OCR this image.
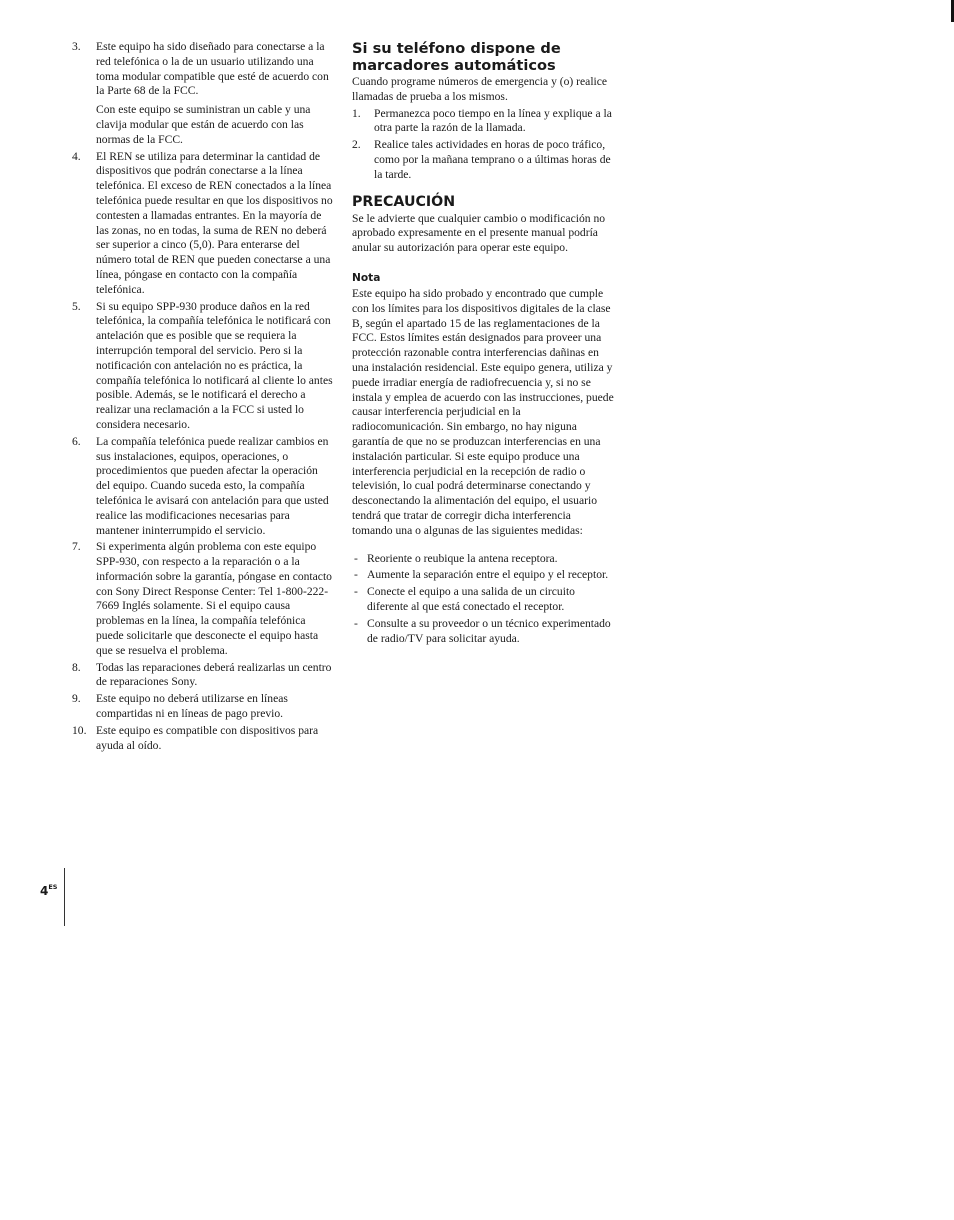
3.	Este equipo ha sido diseñado para conectarse a la red telefónica o la de un usuario utilizando una toma modular compatible que esté de acuerdo con la Parte 68 de la FCC.

Con este equipo se suministran un cable y una clavija modular que están de acuerdo con las normas de la FCC.

4.	El REN se utiliza para determinar la cantidad de dispositivos que podrán conectarse a la línea telefónica. El exceso de REN conectados a la línea telefónica puede resultar en que los dispositivos no contesten a llamadas entrantes. En la mayoría de las zonas, no en todas, la suma de REN no deberá ser superior a cinco (5,0). Para enterarse del número total de REN que pueden conectarse a una línea, póngase en contacto con la compañía telefónica.

5.	Si su equipo SPP-930 produce daños en la red telefónica, la compañía telefónica le notificará con antelación que es posible que se requiera la interrupción temporal del servicio. Pero si la notificación con antelación no es práctica, la compañía telefónica lo notificará al cliente lo antes posible. Además, se le notificará el derecho a realizar una reclamación a la FCC si usted lo considera necesario.

6.	La compañía telefónica puede realizar cambios en sus instalaciones, equipos, operaciones, o procedimientos que pueden afectar la operación del equipo. Cuando suceda esto, la compañía telefónica le avisará con antelación para que usted realice las modificaciones necesarias para mantener ininterrumpido el servicio.

7.	Si experimenta algún problema con este equipo SPP-930, con respecto a la reparación o a la información sobre la garantía, póngase en contacto con Sony Direct Response Center: Tel 1-800-222-7669 Inglés solamente. Si el equipo causa problemas en la línea, la compañía telefónica puede solicitarle que desconecte el equipo hasta que se resuelva el problema.

8.	Todas las reparaciones deberá realizarlas un centro de reparaciones Sony.

9.	Este equipo no deberá utilizarse en líneas compartidas ni en líneas de pago previo.

10. Este equipo es compatible con dispositivos para ayuda al oído.

Si su teléfono dispone de marcadores automáticos

Cuando programe números de emergencia y (o) realice llamadas de prueba a los mismos.

1.	Permanezca poco tiempo en la línea y explique a la otra parte la razón de la llamada.
2.	Realice tales actividades en horas de poco tráfico, como por la mañana temprano o a últimas horas de la tarde.
PRECAUCIÓN

Se le advierte que cualquier cambio o modificación no aprobado expresamente en el presente manual podría anular su autorización para operar este equipo.

Nota

Este equipo ha sido probado y encontrado que cumple con los límites para los dispositivos digitales de la clase B, según el apartado 15 de las reglamentaciones de la FCC. Estos límites están designados para proveer una protección razonable contra interferencias dañinas en una instalación residencial. Este equipo genera, utiliza y puede irradiar energía de radiofrecuencia y, si no se instala y emplea de acuerdo con las instrucciones, puede causar interferencia perjudicial en la radiocomunicación. Sin embargo, no hay niguna garantía de que no se produzcan interferencias en una instalación particular. Si este equipo produce una interferencia perjudicial en la recepción de radio o televisión, lo cual podrá determinarse conectando y desconectando la alimentación del equipo, el usuario tendrá que tratar de corregir dicha interferencia tomando una o algunas de las siguientes medidas:

- Reoriente o reubique la antena receptora.
- Aumente la separación entre el equipo y el receptor.
- Conecte el equipo a una salida de un circuito diferente al que está conectado el receptor.
- Consulte a su proveedor o un técnico experimentado de radio/TV para solicitar ayuda.
$4^{ES}$
